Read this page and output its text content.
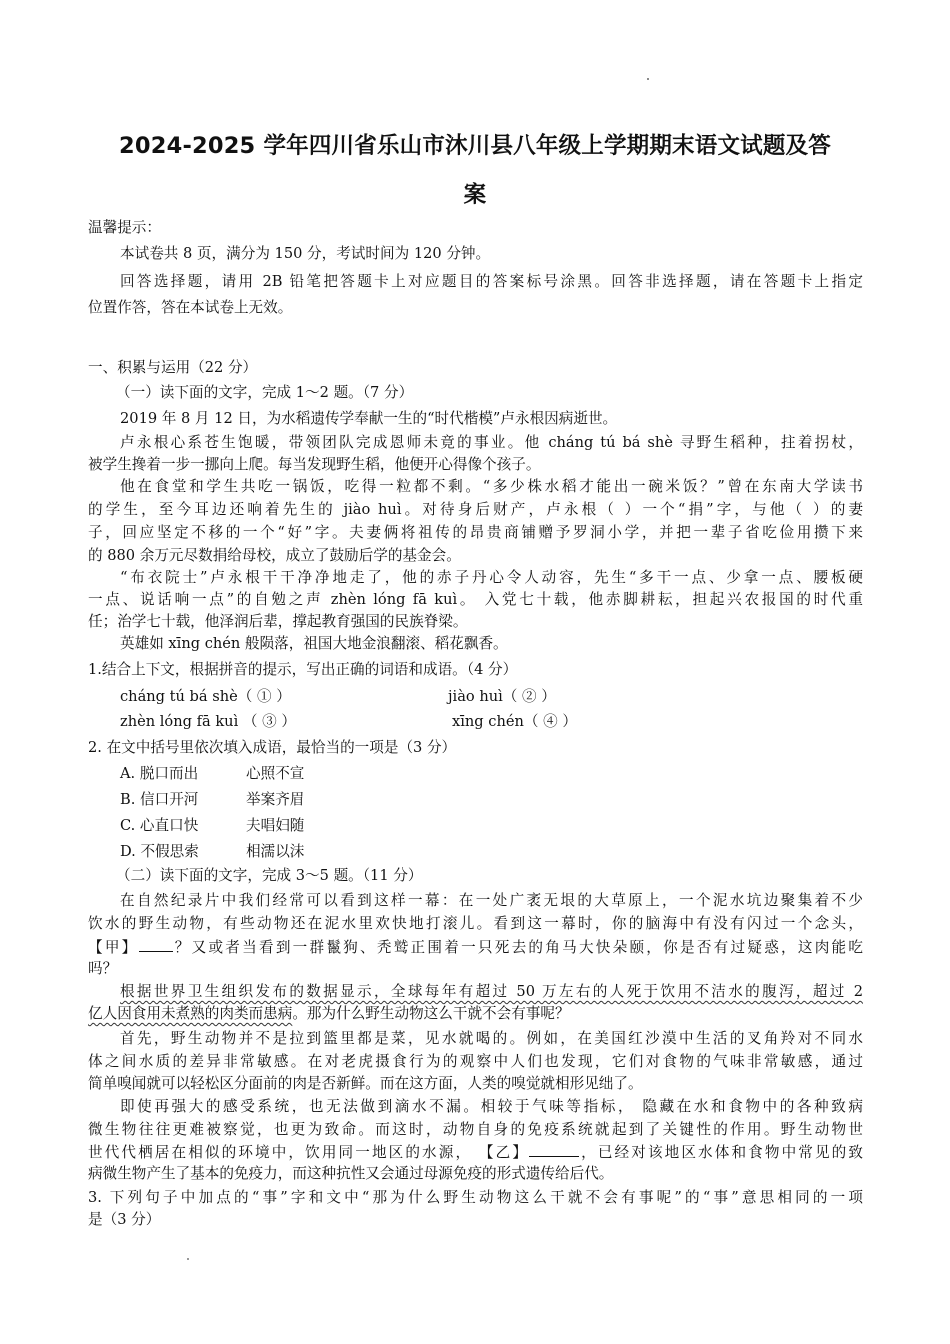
2024-2025 学年四川省乐山市沐川县八年级上学期期末语文试题及答
案
温馨提示：
本试卷共 8 页，满分为 150 分，考试时间为 120 分钟。
回答选择题，请用 2B 铅笔把答题卡上对应题目的答案标号涂黑。回答非选择题，请在答题卡上指定
位置作答，答在本试卷上无效。
一、积累与运用（22 分）
（一）读下面的文字，完成 1～2 题。（7 分）
2019 年 8 月 12 日，为水稻遗传学奉献一生的“时代楷模”卢永根因病逝世。
卢永根心系苍生饱暖，带领团队完成恩师未竟的事业。他 cháng tú bá shè 寻野生稻种，拄着拐杖，
被学生搀着一步一挪向上爬。每当发现野生稻，他便开心得像个孩子。
他在食堂和学生共吃一锅饭，吃得一粒都不剩。“多少株水稻才能出一碗米饭？”曾在东南大学读书
的学生，至今耳边还响着先生的 jiào huì。对待身后财产，卢永根（ ）一个“捐”字，与他（ ）的妻
子，回应坚定不移的一个“好”字。夫妻俩将祖传的昂贵商铺赠予罗洞小学，并把一辈子省吃俭用攒下来
的 880 余万元尽数捐给母校，成立了鼓励后学的基金会。
“布衣院士”卢永根干干净净地走了，他的赤子丹心令人动容，先生“多干一点、少拿一点、腰板硬
一点、说话响一点”的自勉之声 zhèn lóng fā kuì。 入党七十载，他赤脚耕耘，担起兴农报国的时代重
任；治学七十载，他泽润后辈，撑起教育强国的民族脊梁。
英雄如 xīng chén 般陨落，祖国大地金浪翻滚、稻花飘香。
1.结合上下文，根据拼音的提示，写出正确的词语和成语。（4 分）
cháng tú bá shè（ ① ）	jiào huì（ ② ）
zhèn lóng fā kuì （ ③ ）	xīng chén（ ④ ）
2. 在文中括号里依次填入成语，最恰当的一项是（3 分）
A. 脱口而出	心照不宣
B. 信口开河	举案齐眉
C. 心直口快	夫唱妇随
D. 不假思索	相濡以沫
（二）读下面的文字，完成 3～5 题。（11 分）
在自然纪录片中我们经常可以看到这样一幕：在一处广袤无垠的大草原上，一个泥水坑边聚集着不少
饮水的野生动物，有些动物还在泥水里欢快地打滚儿。看到这一幕时，你的脑海中有没有闪过一个念头，
【甲】 ？又或者当看到一群鬣狗、秃鹫正围着一只死去的角马大快朵颐，你是否有过疑惑，这肉能吃
吗？
根据世界卫生组织发布的数据显示，全球每年有超过 50 万左右的人死于饮用不洁水的腹泻，超过 2
亿人因食用未煮熟的肉类而患病。那为什么野生动物这么干就不会有事呢？
首先，野生动物并不是拉到篮里都是菜，见水就喝的。例如，在美国红沙漠中生活的叉角羚对不同水
体之间水质的差异非常敏感。在对老虎摄食行为的观察中人们也发现，它们对食物的气味非常敏感，通过
简单嗅闻就可以轻松区分面前的肉是否新鲜。而在这方面，人类的嗅觉就相形见绌了。
即使再强大的感受系统，也无法做到滴水不漏。相较于气味等指标， 隐藏在水和食物中的各种致病
微生物往往更难被察觉，也更为致命。而这时，动物自身的免疫系统就起到了关键性的作用。野生动物世
世代代栖居在相似的环境中，饮用同一地区的水源， 【乙】	，已经对该地区水体和食物中常见的致
病微生物产生了基本的免疫力，而这种抗性又会通过母源免疫的形式遗传给后代。
3. 下列句子中加点的“事”字和文中“那为什么野生动物这么干就不会有事呢”的“事”意思相同的一项
是（3 分）
